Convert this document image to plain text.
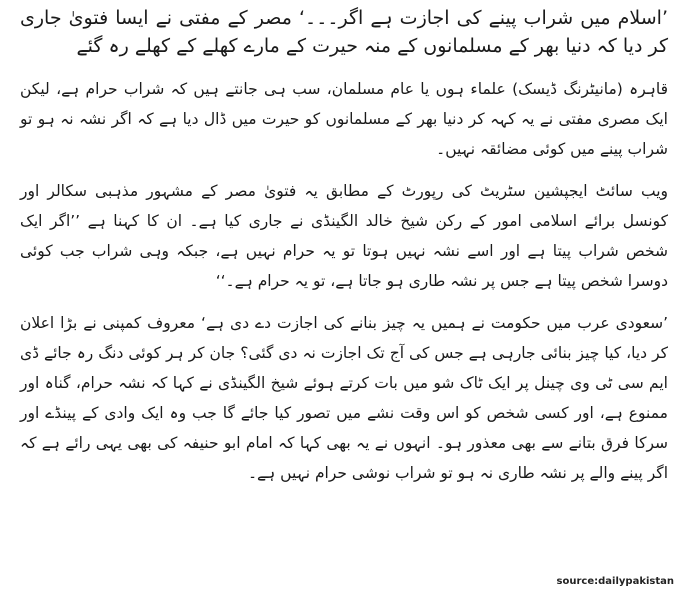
’اسلام میں شراب پینے کی اجازت ہے اگر۔۔۔‘ مصر کے مفتی نے ایسا فتویٰ جاری کر دیا کہ دنیا بھر کے مسلمانوں کے منہ حیرت کے مارے کھلے کے کھلے رہ گئے

قاہرہ (مانیٹرنگ ڈیسک) علماء ہوں یا عام مسلمان، سب ہی جانتے ہیں کہ شراب حرام ہے، لیکن ایک مصری مفتی نے یہ کہہ کر دنیا بھر کے مسلمانوں کو حیرت میں ڈال دیا ہے کہ اگر نشہ نہ ہو تو شراب پینے میں کوئی مضائقہ نہیں۔

ویب سائٹ ایجپشین سٹریٹ کی رپورٹ کے مطابق یہ فتویٰ مصر کے مشہور مذہبی سکالر اور کونسل برائے اسلامی امور کے رکن شیخ خالد الگینڈی نے جاری کیا ہے۔ ان کا کہنا ہے ’’اگر ایک شخص شراب پیتا ہے اور اسے نشہ نہیں ہوتا تو یہ حرام نہیں ہے، جبکہ وہی شراب جب کوئی دوسرا شخص پیتا ہے جس پر نشہ طاری ہو جاتا ہے، تو یہ حرام ہے۔‘‘

’سعودی عرب میں حکومت نے ہمیں یہ چیز بنانے کی اجازت دے دی ہے‘ معروف کمپنی نے بڑا اعلان کر دیا، کیا چیز بنائی جارہی ہے جس کی آج تک اجازت نہ دی گئی؟ جان کر ہر کوئی دنگ رہ جائے ڈی ایم سی ٹی وی چینل پر ایک ٹاک شو میں بات کرتے ہوئے شیخ الگینڈی نے کہا کہ نشہ حرام، گناہ اور ممنوع ہے، اور کسی شخص کو اس وقت نشے میں تصور کیا جائے گا جب وہ ایک وادی کے پینڈے اور سرکا فرق بتانے سے بھی معذور ہو۔ انہوں نے یہ بھی کہا کہ امام ابو حنیفہ کی بھی یہی رائے ہے کہ اگر پینے والے پر نشہ طاری نہ ہو تو شراب نوشی حرام نہیں ہے۔

source:dailypakistan
